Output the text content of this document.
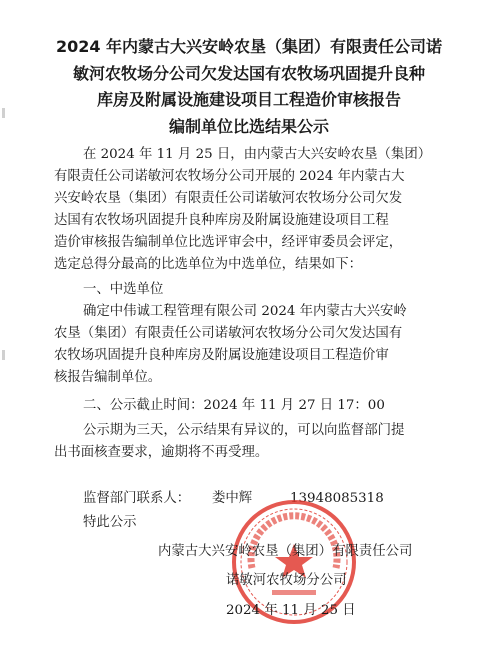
2024 年内蒙古大兴安岭农垦（集团）有限责任公司诺
敏河农牧场分公司欠发达国有农牧场巩固提升良种
库房及附属设施建设项目工程造价审核报告
编制单位比选结果公示
在 2024 年 11 月 25 日，由内蒙古大兴安岭农垦（集团）
有限责任公司诺敏河农牧场分公司开展的 2024 年内蒙古大
兴安岭农垦（集团）有限责任公司诺敏河农牧场分公司欠发
达国有农牧场巩固提升良种库房及附属设施建设项目工程
造价审核报告编制单位比选评审会中，经评审委员会评定，
选定总得分最高的比选单位为中选单位，结果如下：
一、中选单位
确定中伟诚工程管理有限公司 2024 年内蒙古大兴安岭
农垦（集团）有限责任公司诺敏河农牧场分公司欠发达国有
农牧场巩固提升良种库房及附属设施建设项目工程造价审
核报告编制单位。
二、公示截止时间：2024 年 11 月 27 日 17：00
公示期为三天，公示结果有异议的，可以向监督部门提
出书面核查要求，逾期将不再受理。
监督部门联系人： 娄中辉	13948085318
特此公示
内蒙古大兴安岭农垦（集团）有限责任公司
诺敏河农牧场分公司
2024 年 11 月 25 日
